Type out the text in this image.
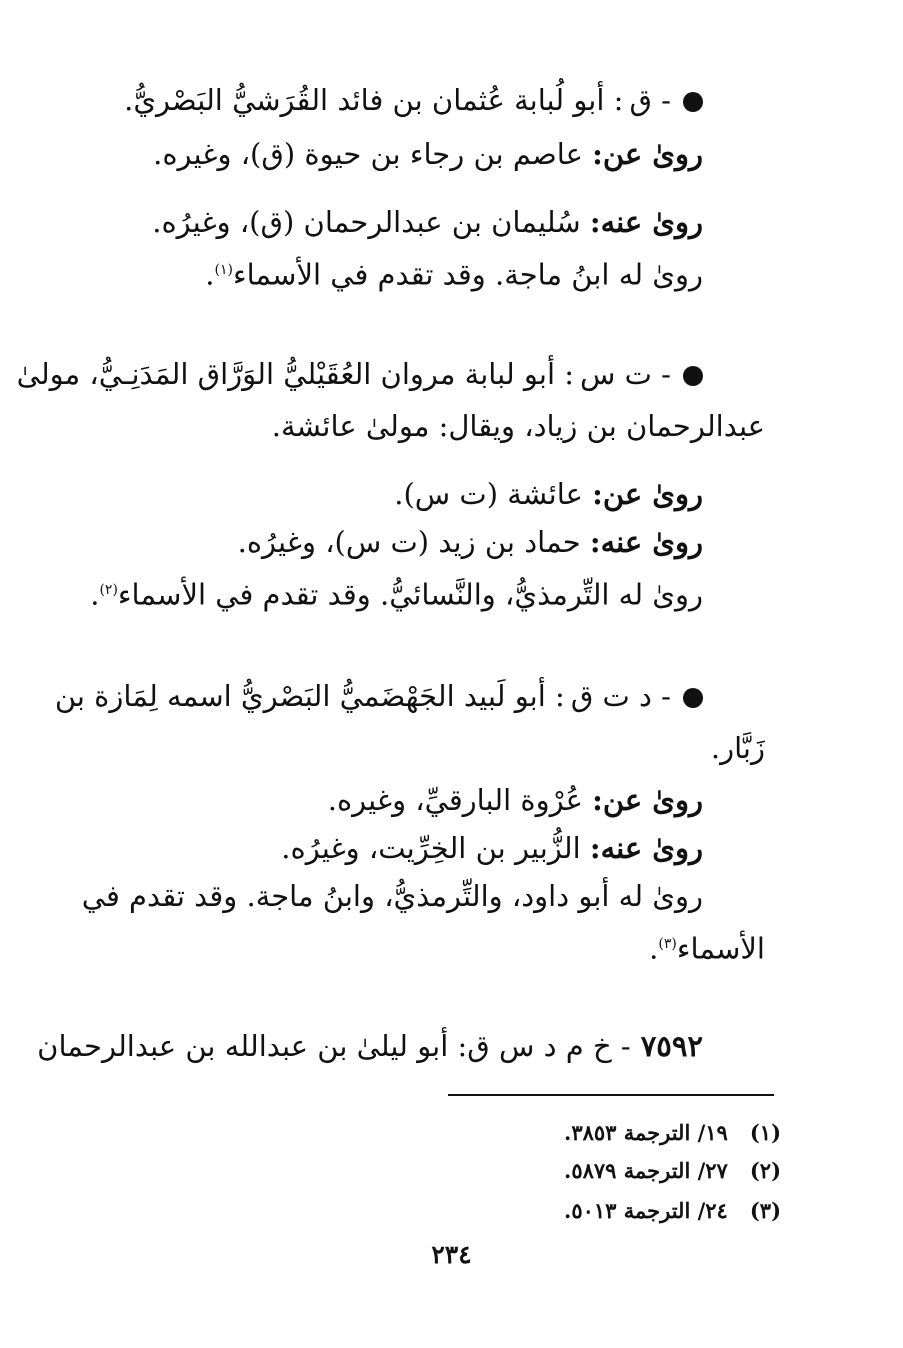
- ق: أبو لُبابة عُثمان بن فائد القُرَشيُّ البَصْريُّ.
روىٰ عن: عاصم بن رجاء بن حيوة (ق)، وغيره.
روىٰ عنه: سُليمان بن عبدالرحمان (ق)، وغيرُه.
روىٰ له ابنُ ماجة. وقد تقدم في الأسماء$^{(١)}$.
- ت س: أبو لبابة مروان العُقَيْليُّ الوَرَّاق المَدَنِـيُّ، مولىٰ
عبدالرحمان بن زياد، ويقال: مولىٰ عائشة.
روىٰ عن: عائشة (ت س).
روىٰ عنه: حماد بن زيد (ت س)، وغيرُه.
روىٰ له التِّرمذيُّ، والنَّسائيُّ. وقد تقدم في الأسماء$^{(٢)}$.
- د ت ق: أبو لَبيد الجَهْضَميُّ البَصْريُّ اسمه لِمَازة بن
زَبَّار.
روىٰ عن: عُرْوة البارقيِّ، وغيره.
روىٰ عنه: الزُّبير بن الخِرِّيت، وغيرُه.
روىٰ له أبو داود، والتِّرمذيُّ، وابنُ ماجة. وقد تقدم في
الأسماء$^{(٣)}$.
٧٥٩٢- خ م د س ق: أبو ليلىٰ بن عبدالله بن عبدالرحمان
(١)١٩/ الترجمة ٣٨٥٣.
(٢)٢٧/ الترجمة ٥٨٧٩.
(٣)٢٤/ الترجمة ٥٠١٣.
٢٣٤
